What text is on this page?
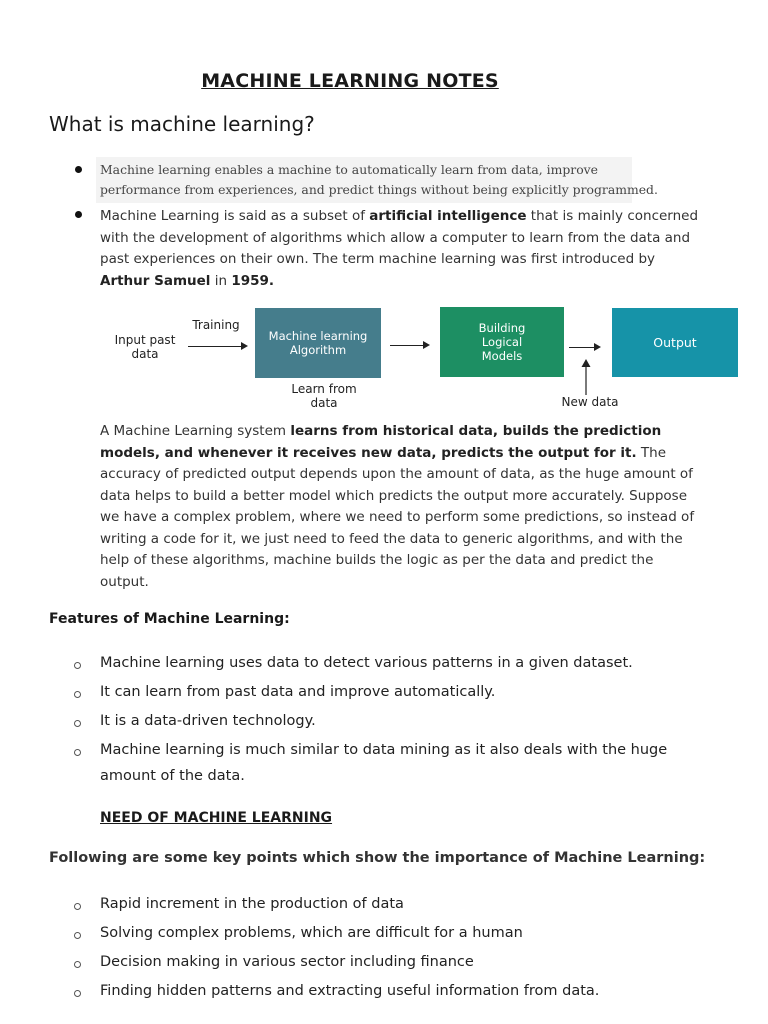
MACHINE LEARNING NOTES
What is machine learning?
Machine learning enables a machine to automatically learn from data, improve
performance from experiences, and predict things without being explicitly programmed.
Machine Learning is said as a subset of artificial intelligence that is mainly concerned with the development of algorithms which allow a computer to learn from the data and past experiences on their own. The term machine learning was first introduced by Arthur Samuel in 1959.
Input past data
Training
Machine learning Algorithm
Learn from data
Building Logical Models
Output
New data
A Machine Learning system learns from historical data, builds the prediction models, and whenever it receives new data, predicts the output for it. The accuracy of predicted output depends upon the amount of data, as the huge amount of data helps to build a better model which predicts the output more accurately. Suppose we have a complex problem, where we need to perform some predictions, so instead of writing a code for it, we just need to feed the data to generic algorithms, and with the help of these algorithms, machine builds the logic as per the data and predict the output.
Features of Machine Learning:
Machine learning uses data to detect various patterns in a given dataset.
It can learn from past data and improve automatically.
It is a data-driven technology.
Machine learning is much similar to data mining as it also deals with the huge amount of the data.
NEED OF MACHINE LEARNING
Following are some key points which show the importance of Machine Learning:
Rapid increment in the production of data
Solving complex problems, which are difficult for a human
Decision making in various sector including finance
Finding hidden patterns and extracting useful information from data.
